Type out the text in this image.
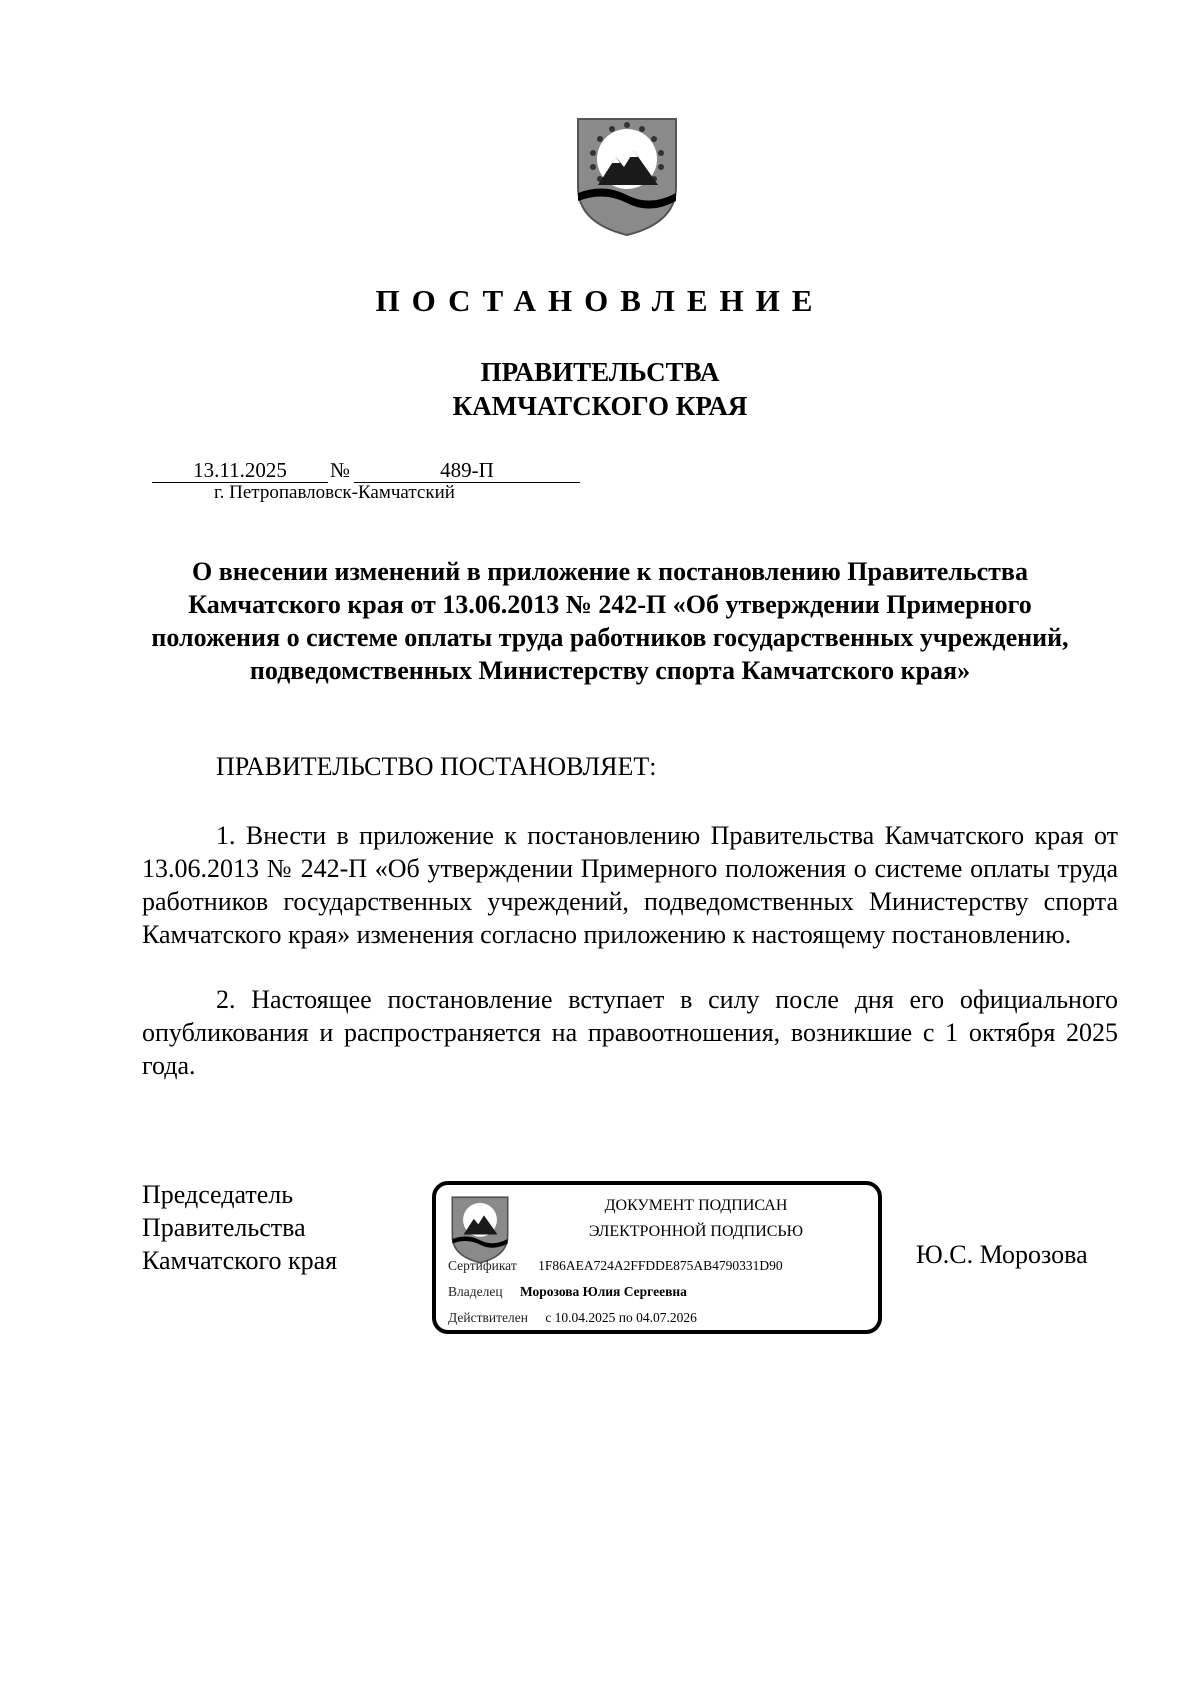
ПОСТАНОВЛЕНИЕ
ПРАВИТЕЛЬСТВА
КАМЧАТСКОГО КРАЯ
13.11.2025	№	489-П
г. Петропавловск-Камчатский
О внесении изменений в приложение к постановлению Правительства Камчатского края от 13.06.2013 № 242-П «Об утверждении Примерного положения о системе оплаты труда работников государственных учреждений, подведомственных Министерству спорта Камчатского края»
ПРАВИТЕЛЬСТВО ПОСТАНОВЛЯЕТ:

1. Внести в приложение к постановлению Правительства Камчатского края от 13.06.2013 № 242-П «Об утверждении Примерного положения о системе оплаты труда работников государственных учреждений, подведомственных Министерству спорта Камчатского края» изменения согласно приложению к настоящему постановлению.

2. Настоящее постановление вступает в силу после дня его официального опубликования и распространяется на правоотношения, возникшие с 1 октября 2025 года.

Председатель
Правительства
Камчатского края
ДОКУМЕНТ ПОДПИСАН
ЭЛЕКТРОННОЙ ПОДПИСЬЮ
Сертификат 1F86AEA724A2FFDDE875AB4790331D90
Владелец Морозова Юлия Сергеевна
Действителен с 10.04.2025 по 04.07.2026
Ю.С. Морозова
